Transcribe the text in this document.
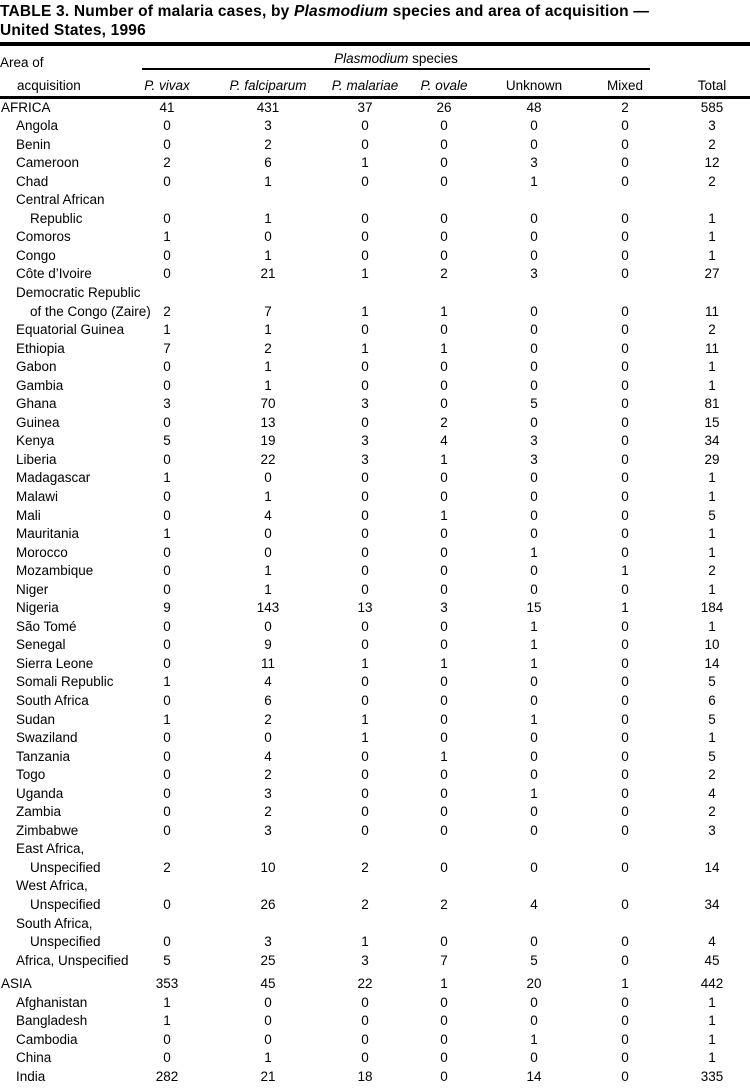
TABLE 3. Number of malaria cases, by Plasmodium species and area of acquisition —
United States, 1996
Area of	Plasmodium species						

acquisition	P. vivax	P. falciparum	P. malariae	P. ovale	Unknown	Mixed	Total
AFRICA	41	431	37	26	48	2	585
Angola	0	3	0	0	0	0	3
Benin	0	2	0	0	0	0	2
Cameroon	2	6	1	0	3	0	12
Chad	0	1	0	0	1	0	2
Central African							
Republic	0	1	0	0	0	0	1
Comoros	1	0	0	0	0	0	1
Congo	0	1	0	0	0	0	1
Côte d’Ivoire	0	21	1	2	3	0	27
Democratic Republic							
of the Congo (Zaire)	2	7	1	1	0	0	11
Equatorial Guinea	1	1	0	0	0	0	2
Ethiopia	7	2	1	1	0	0	11
Gabon	0	1	0	0	0	0	1
Gambia	0	1	0	0	0	0	1
Ghana	3	70	3	0	5	0	81
Guinea	0	13	0	2	0	0	15
Kenya	5	19	3	4	3	0	34
Liberia	0	22	3	1	3	0	29
Madagascar	1	0	0	0	0	0	1
Malawi	0	1	0	0	0	0	1
Mali	0	4	0	1	0	0	5
Mauritania	1	0	0	0	0	0	1
Morocco	0	0	0	0	1	0	1
Mozambique	0	1	0	0	0	1	2
Niger	0	1	0	0	0	0	1
Nigeria	9	143	13	3	15	1	184
São Tomé	0	0	0	0	1	0	1
Senegal	0	9	0	0	1	0	10
Sierra Leone	0	11	1	1	1	0	14
Somali Republic	1	4	0	0	0	0	5
South Africa	0	6	0	0	0	0	6
Sudan	1	2	1	0	1	0	5
Swaziland	0	0	1	0	0	0	1
Tanzania	0	4	0	1	0	0	5
Togo	0	2	0	0	0	0	2
Uganda	0	3	0	0	1	0	4
Zambia	0	2	0	0	0	0	2
Zimbabwe	0	3	0	0	0	0	3
East Africa,							
Unspecified	2	10	2	0	0	0	14
West Africa,							
Unspecified	0	26	2	2	4	0	34
South Africa,							
Unspecified	0	3	1	0	0	0	4
Africa, Unspecified	5	25	3	7	5	0	45
ASIA	353	45	22	1	20	1	442
Afghanistan	1	0	0	0	0	0	1
Bangladesh	1	0	0	0	0	0	1
Cambodia	0	0	0	0	1	0	1
China	0	1	0	0	0	0	1
India	282	21	18	0	14	0	335
